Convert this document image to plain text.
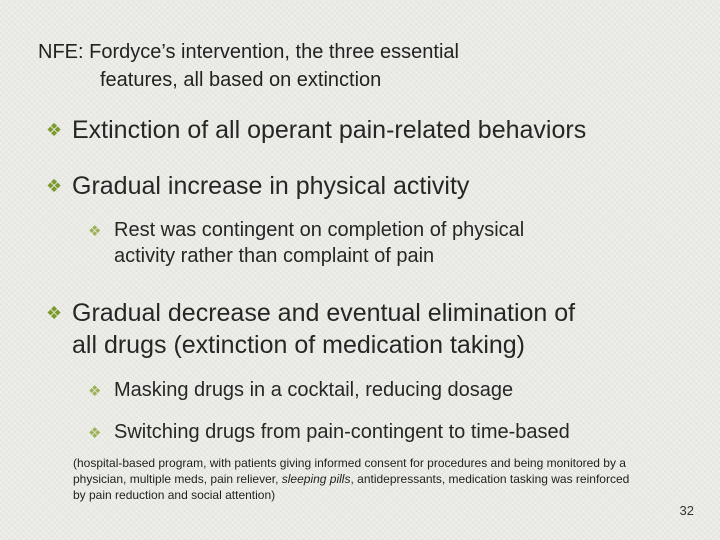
NFE: Fordyce’s intervention, the three essential
features, all based on extinction
❖ Extinction of all operant pain-related behaviors
❖ Gradual increase in physical activity
❖ Rest was contingent on completion of physical
activity rather than complaint of pain
❖ Gradual decrease and eventual elimination of
all drugs (extinction of medication taking)
❖ Masking drugs in a cocktail, reducing dosage
❖ Switching drugs from pain-contingent to time-based
(hospital-based program, with patients giving informed consent for procedures and being monitored by a physician, multiple meds, pain reliever, sleeping pills, antidepressants, medication tasking was reinforced by pain reduction and social attention)
32
